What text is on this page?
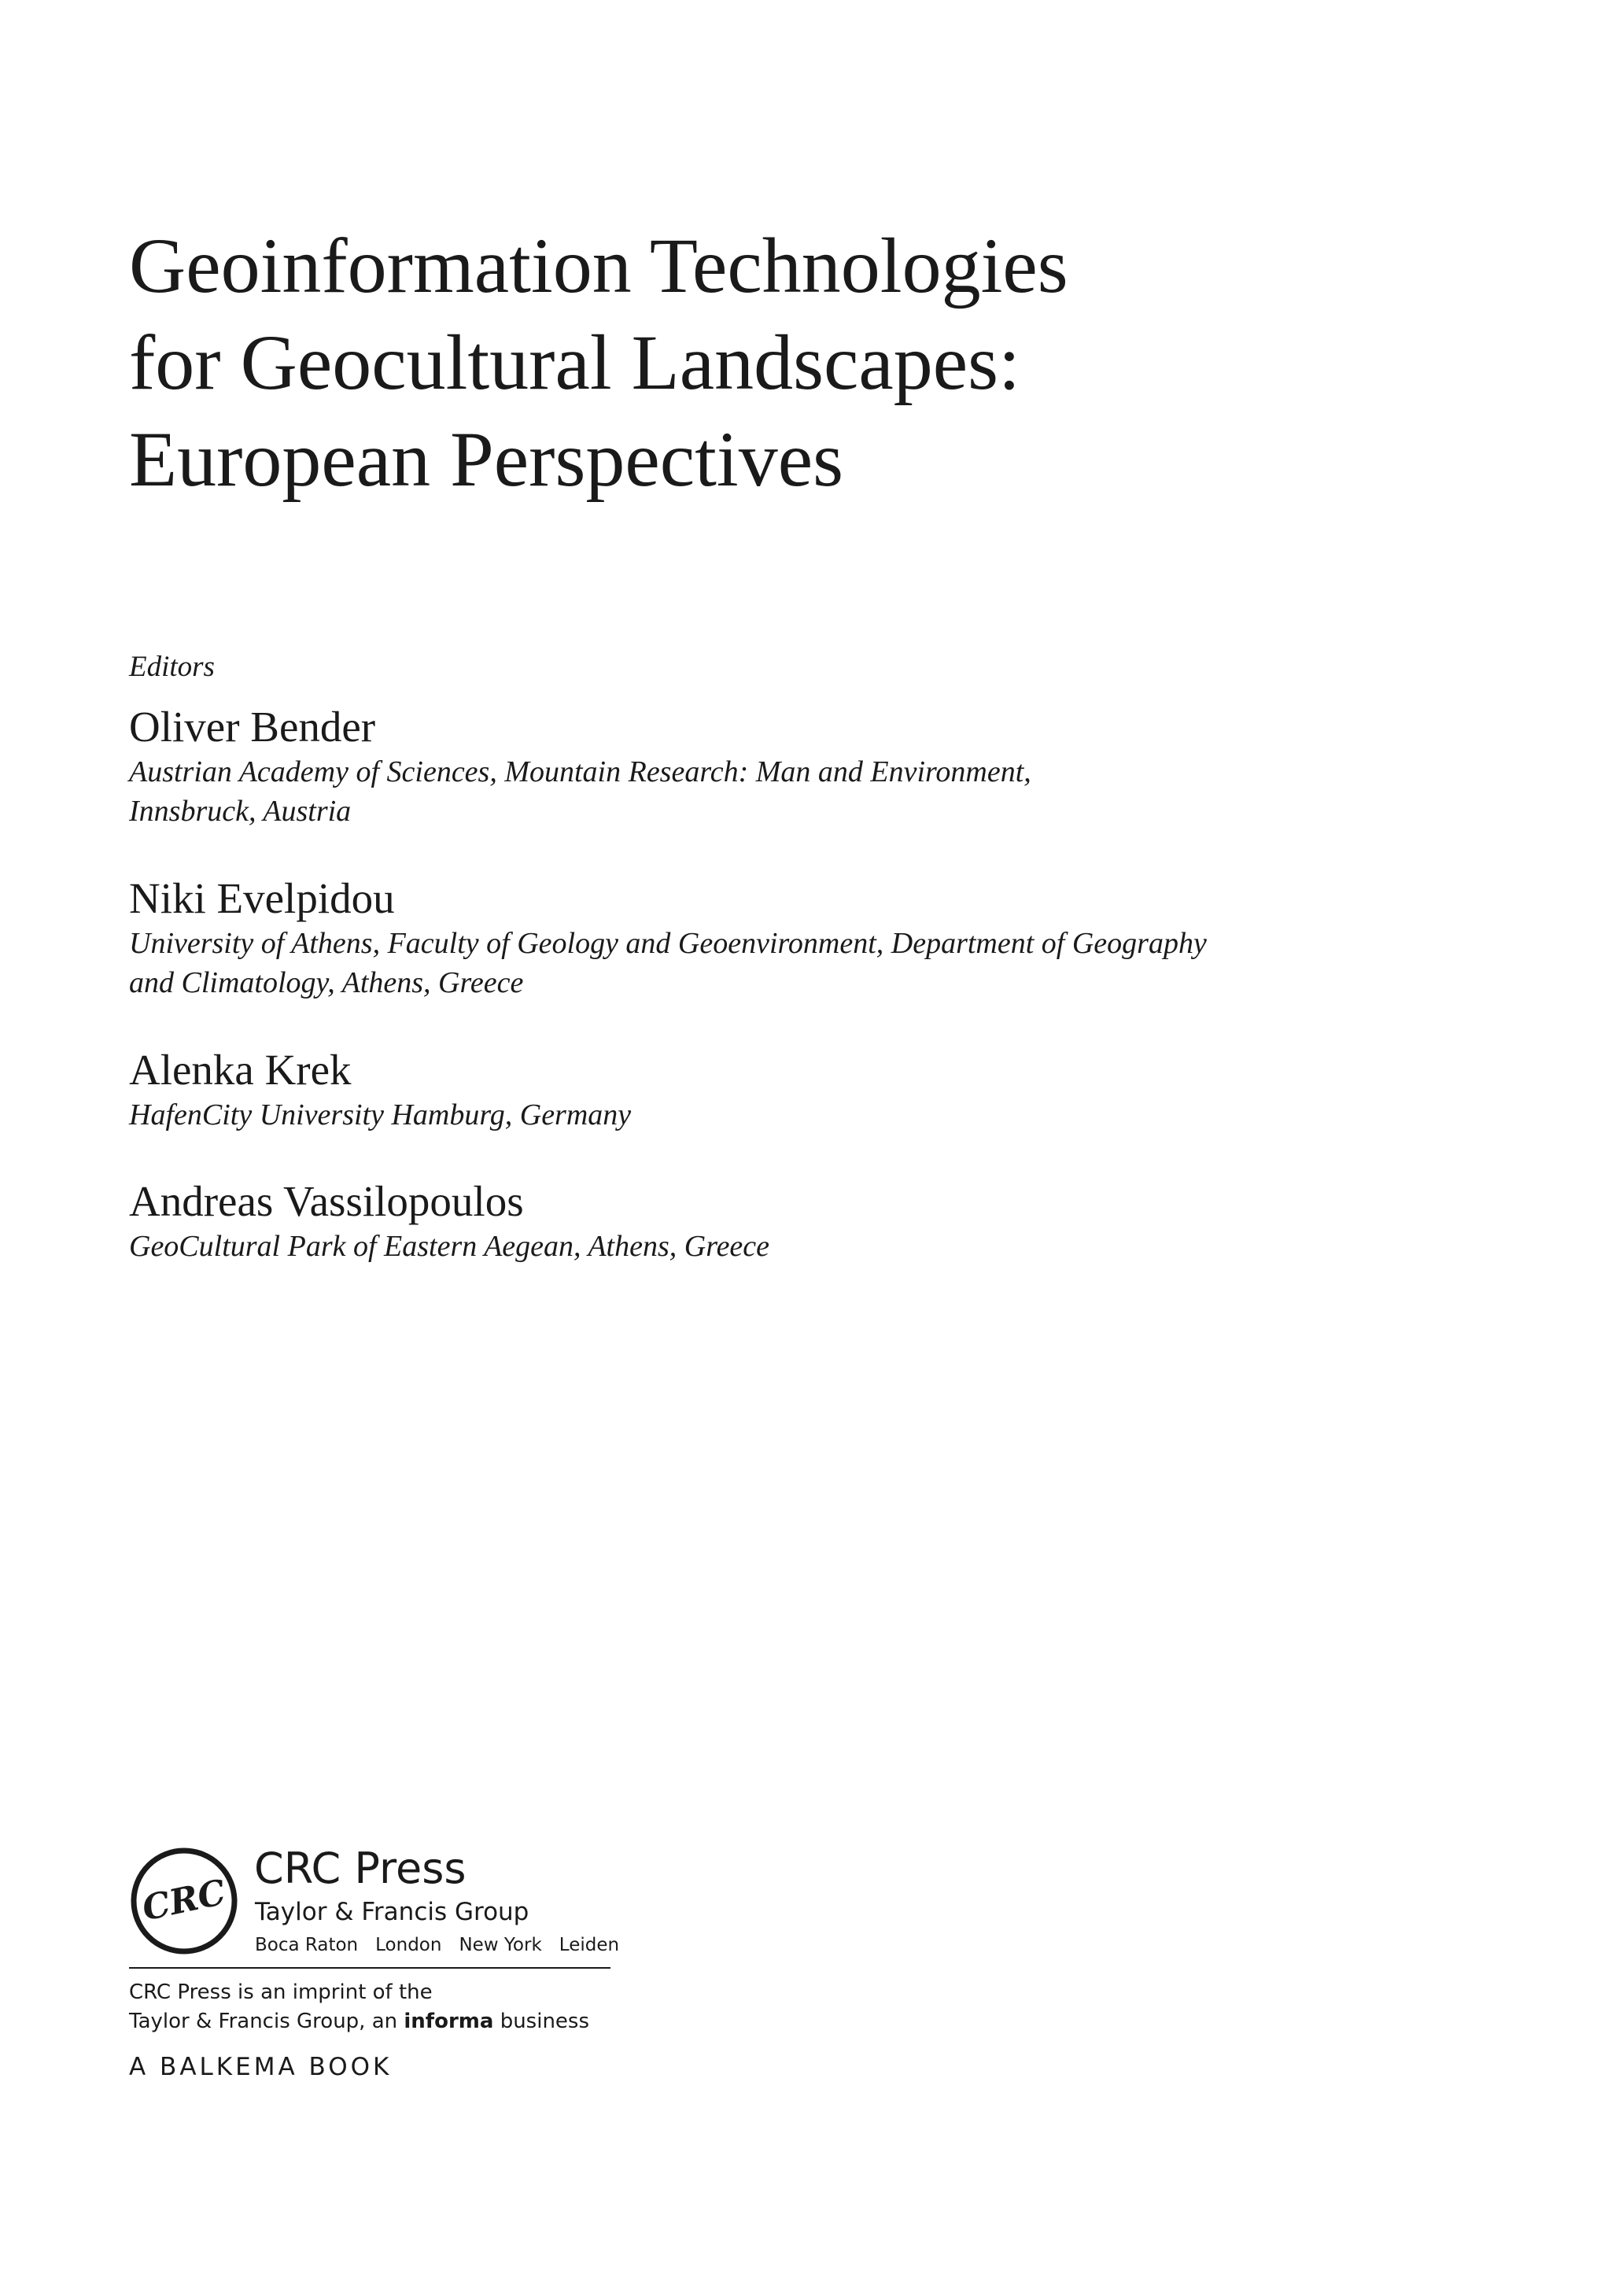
Geoinformation Technologies
for Geocultural Landscapes:
European Perspectives

Editors

Oliver Bender
Austrian Academy of Sciences, Mountain Research: Man and Environment,
Innsbruck, Austria
Niki Evelpidou
University of Athens, Faculty of Geology and Geoenvironment, Department of Geography
and Climatology, Athens, Greece
Alenka Krek
HafenCity University Hamburg, Germany
Andreas Vassilopoulos
GeoCultural Park of Eastern Aegean, Athens, Greece
CRC
CRC Press
Taylor & Francis Group
Boca Raton London New York Leiden
CRC Press is an imprint of the
Taylor & Francis Group, an informa business
A BALKEMA BOOK
